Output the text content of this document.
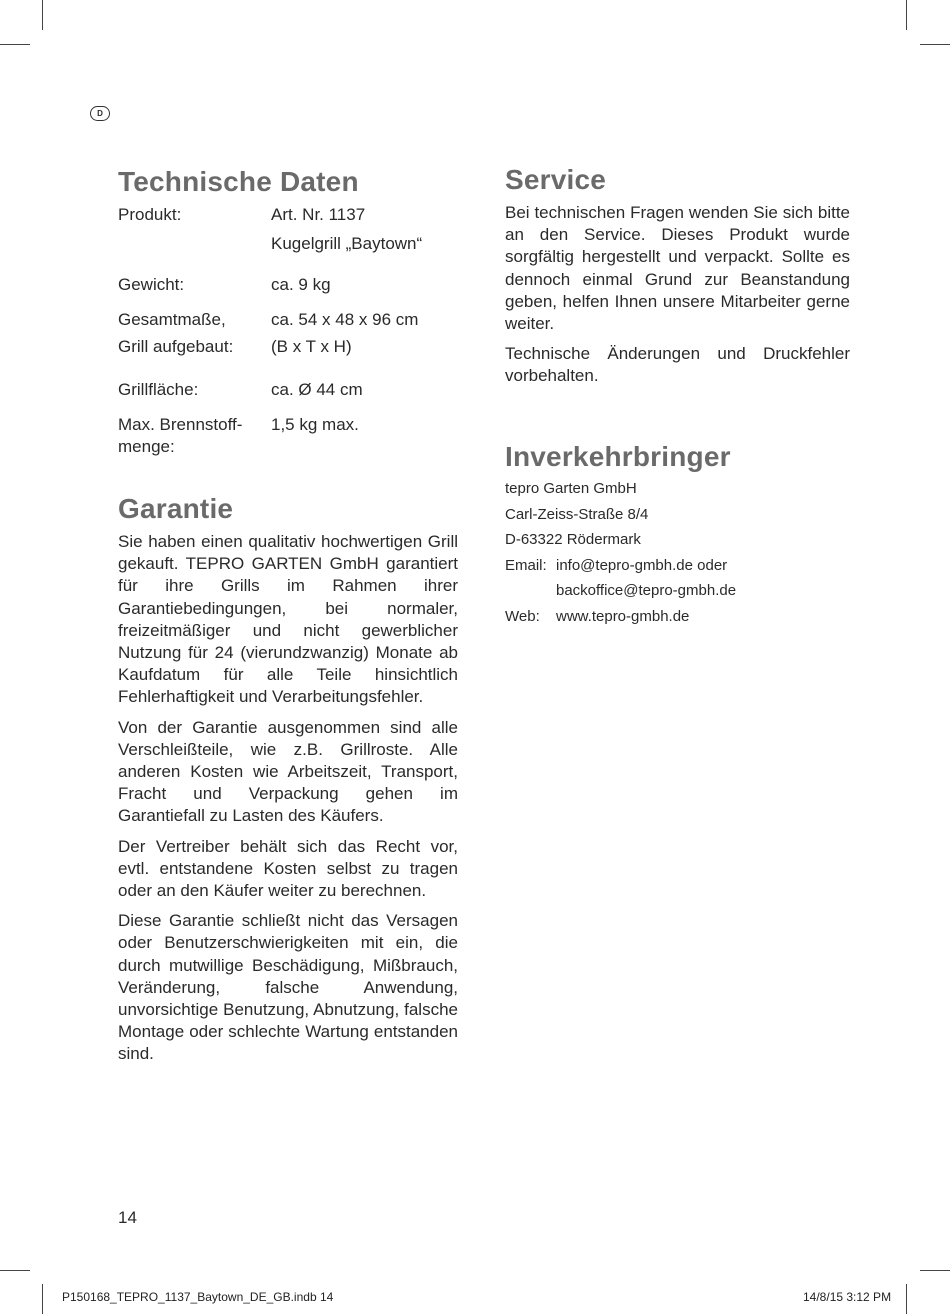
D
Technische Daten
Produkt:	Art. Nr. 1137
Kugelgrill „Baytown“
Gewicht:	ca. 9 kg
Gesamtmaße,	ca. 54 x 48 x 96 cm
Grill aufgebaut:	(B x T x H)
Grillfläche:	ca. Ø 44 cm
Max. Brennstoff-	1,5 kg max.
menge:
Garantie

Sie haben einen qualitativ hochwertigen Grill gekauft. TEPRO GARTEN GmbH garantiert für ihre Grills im Rahmen ihrer Garantiebedingungen, bei normaler, freizeitmäßiger und nicht gewerblicher Nutzung für 24 (vierundzwanzig) Monate ab Kaufdatum für alle Teile hinsichtlich Fehlerhaftigkeit und Verarbeitungsfehler.

Von der Garantie ausgenommen sind alle Verschleißteile, wie z.B. Grillroste. Alle anderen Kosten wie Arbeitszeit, Transport, Fracht und Verpackung gehen im Garantiefall zu Lasten des Käufers.

Der Vertreiber behält sich das Recht vor, evtl. entstandene Kosten selbst zu tragen oder an den Käufer weiter zu berechnen.

Diese Garantie schließt nicht das Versagen oder Benutzerschwierigkeiten mit ein, die durch mutwillige Beschädigung, Mißbrauch, Veränderung, falsche Anwendung, unvorsichtige Benutzung, Abnutzung, falsche Montage oder schlechte Wartung entstanden sind.

Service

Bei technischen Fragen wenden Sie sich bitte an den Service. Dieses Produkt wurde sorgfältig hergestellt und verpackt. Sollte es dennoch einmal Grund zur Beanstandung geben, helfen Ihnen unsere Mitarbeiter gerne weiter.

Technische Änderungen und Druckfehler vorbehalten.

Inverkehrbringer
tepro Garten GmbH
Carl-Zeiss-Straße 8/4
D-63322 Rödermark
Email: info@tepro-gmbh.de oder
backoffice@tepro-gmbh.de
Web: www.tepro-gmbh.de
14
P150168_TEPRO_1137_Baytown_DE_GB.indb 14	14/8/15 3:12 PM
